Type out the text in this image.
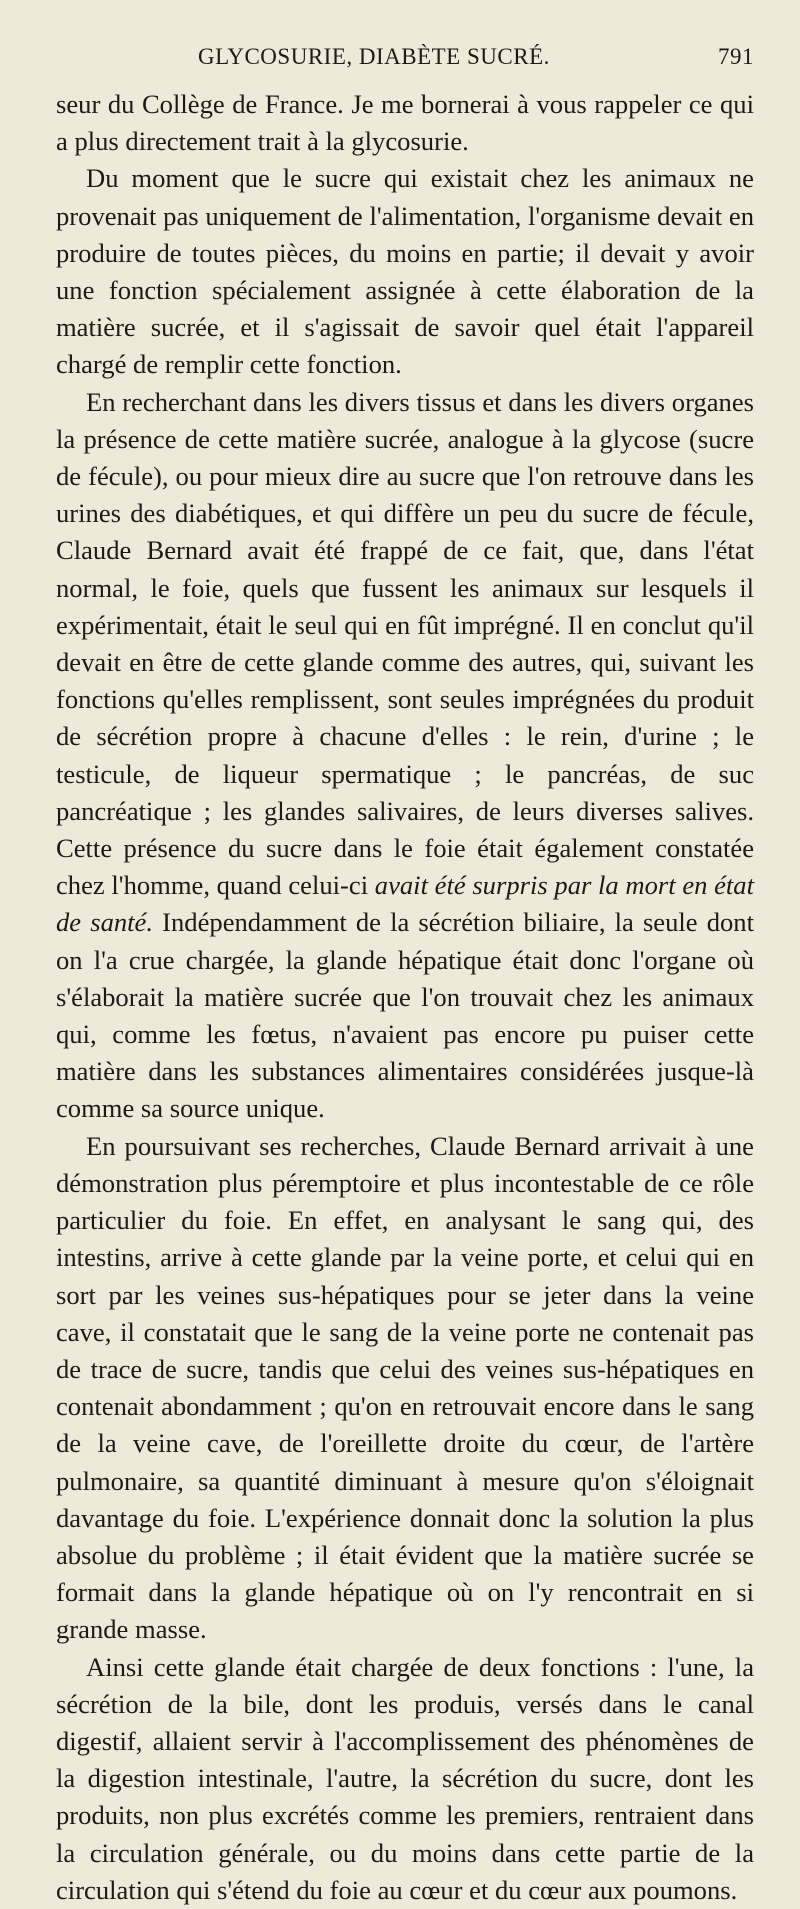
GLYCOSURIE, DIABÈTE SUCRÉ.	791

seur du Collège de France. Je me bornerai à vous rappeler ce qui a plus directement trait à la glycosurie.

Du moment que le sucre qui existait chez les animaux ne provenait pas uniquement de l'alimentation, l'organisme devait en produire de toutes pièces, du moins en partie; il devait y avoir une fonction spécialement assignée à cette élaboration de la matière sucrée, et il s'agissait de savoir quel était l'appareil chargé de remplir cette fonction.

En recherchant dans les divers tissus et dans les divers organes la présence de cette matière sucrée, analogue à la glycose (sucre de fécule), ou pour mieux dire au sucre que l'on retrouve dans les urines des diabétiques, et qui diffère un peu du sucre de fécule, Claude Bernard avait été frappé de ce fait, que, dans l'état normal, le foie, quels que fussent les animaux sur lesquels il expérimentait, était le seul qui en fût imprégné. Il en conclut qu'il devait en être de cette glande comme des autres, qui, suivant les fonctions qu'elles remplissent, sont seules imprégnées du produit de sécrétion propre à chacune d'elles : le rein, d'urine ; le testicule, de liqueur spermatique ; le pancréas, de suc pancréatique ; les glandes salivaires, de leurs diverses salives. Cette présence du sucre dans le foie était également constatée chez l'homme, quand celui-ci avait été surpris par la mort en état de santé. Indépendamment de la sécrétion biliaire, la seule dont on l'a crue chargée, la glande hépatique était donc l'organe où s'élaborait la matière sucrée que l'on trouvait chez les animaux qui, comme les fœtus, n'avaient pas encore pu puiser cette matière dans les substances alimentaires considérées jusque-là comme sa source unique.

En poursuivant ses recherches, Claude Bernard arrivait à une démonstration plus péremptoire et plus incontestable de ce rôle particulier du foie. En effet, en analysant le sang qui, des intestins, arrive à cette glande par la veine porte, et celui qui en sort par les veines sus-hépatiques pour se jeter dans la veine cave, il constatait que le sang de la veine porte ne contenait pas de trace de sucre, tandis que celui des veines sus-hépatiques en contenait abondamment ; qu'on en retrouvait encore dans le sang de la veine cave, de l'oreillette droite du cœur, de l'artère pulmonaire, sa quantité diminuant à mesure qu'on s'éloignait davantage du foie. L'expérience donnait donc la solution la plus absolue du problème ; il était évident que la matière sucrée se formait dans la glande hépatique où on l'y rencontrait en si grande masse.

Ainsi cette glande était chargée de deux fonctions : l'une, la sécrétion de la bile, dont les produis, versés dans le canal digestif, allaient servir à l'accomplissement des phénomènes de la digestion intestinale, l'autre, la sécrétion du sucre, dont les produits, non plus excrétés comme les premiers, rentraient dans la circulation générale, ou du moins dans cette partie de la circulation qui s'étend du foie au cœur et du cœur aux poumons.
